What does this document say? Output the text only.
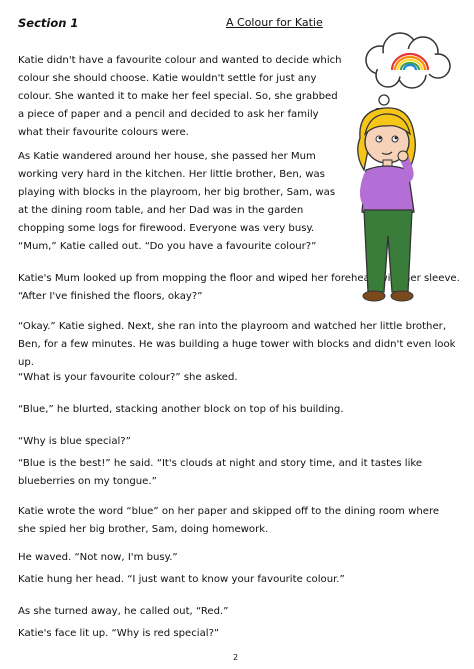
Section 1	A Colour for Katie

Katie didn't have a favourite colour and wanted to decide which colour she should choose. Katie wouldn't settle for just any colour. She wanted it to make her feel special. So, she grabbed a piece of paper and a pencil and decided to ask her family what their favourite colours were.

As Katie wandered around her house, she passed her Mum working very hard in the kitchen. Her little brother, Ben, was playing with blocks in the playroom, her big brother, Sam, was at the dining room table, and her Dad was in the garden chopping some logs for firewood. Everyone was very busy.

“Mum,” Katie called out. “Do you have a favourite colour?”

Katie's Mum looked up from mopping the floor and wiped her forehead with her sleeve. “After I've finished the floors, okay?”

“Okay.” Katie sighed. Next, she ran into the playroom and watched her little brother, Ben, for a few minutes. He was building a huge tower with blocks and didn't even look up.

“What is your favourite colour?” she asked.

“Blue,” he blurted, stacking another block on top of his building.

“Why is blue special?”

“Blue is the best!” he said. “It's clouds at night and story time, and it tastes like blueberries on my tongue.”

Katie wrote the word “blue” on her paper and skipped off to the dining room where she spied her big brother, Sam, doing homework.

He waved. “Not now, I'm busy.”

Katie hung her head. “I just want to know your favourite colour.”

As she turned away, he called out, “Red.”

Katie's face lit up. “Why is red special?”

2
